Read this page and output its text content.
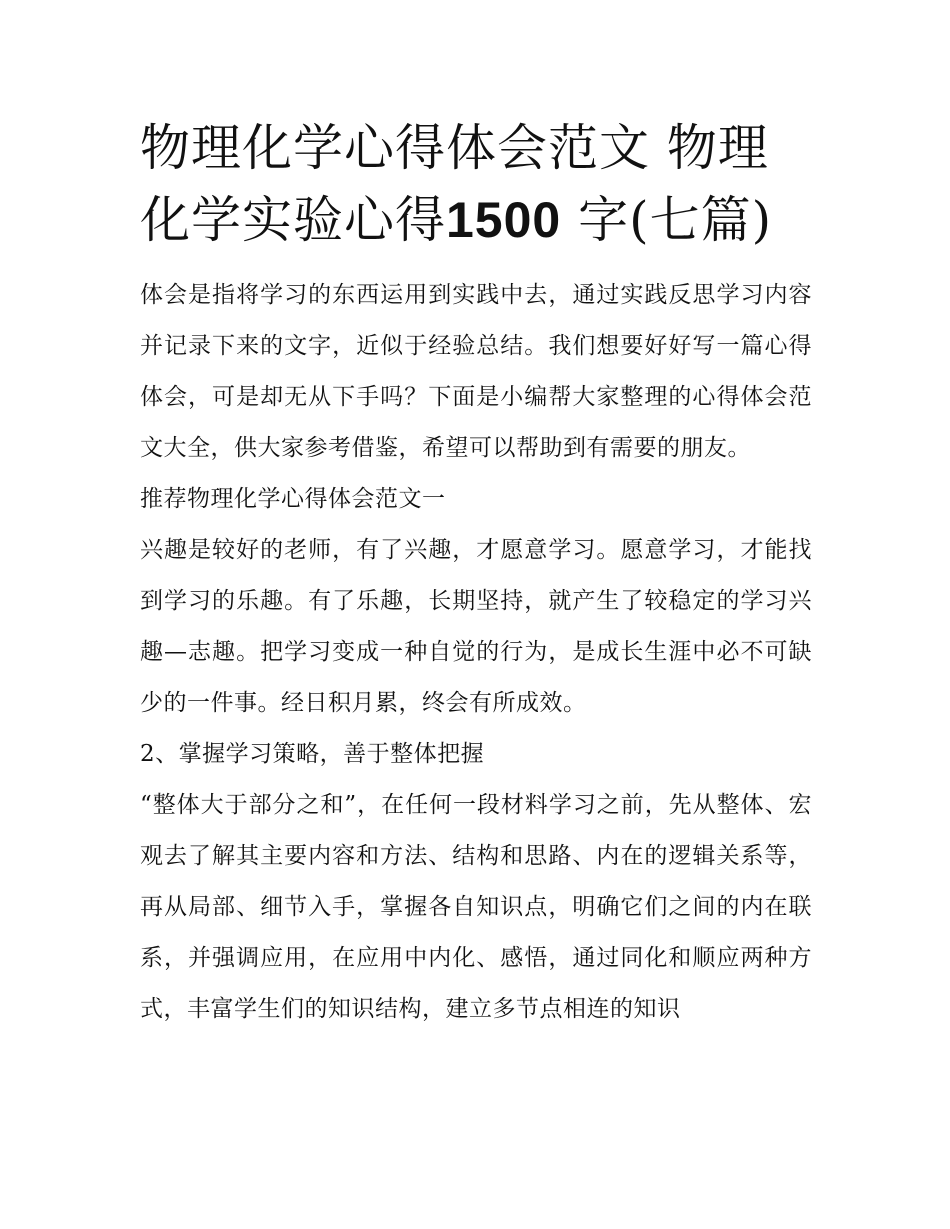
物理化学心得体会范文 物理化学实验心得1500 字(七篇)

体会是指将学习的东西运用到实践中去，通过实践反思学习内容并记录下来的文字，近似于经验总结。我们想要好好写一篇心得体会，可是却无从下手吗？下面是小编帮大家整理的心得体会范文大全，供大家参考借鉴，希望可以帮助到有需要的朋友。

推荐物理化学心得体会范文一

兴趣是较好的老师，有了兴趣，才愿意学习。愿意学习，才能找到学习的乐趣。有了乐趣，长期坚持，就产生了较稳定的学习兴趣—志趣。把学习变成一种自觉的行为，是成长生涯中必不可缺少的一件事。经日积月累，终会有所成效。

2、掌握学习策略，善于整体把握

“整体大于部分之和”，在任何一段材料学习之前，先从整体、宏观去了解其主要内容和方法、结构和思路、内在的逻辑关系等，再从局部、细节入手，掌握各自知识点，明确它们之间的内在联系，并强调应用，在应用中内化、感悟，通过同化和顺应两种方式，丰富学生们的知识结构，建立多节点相连的知识
